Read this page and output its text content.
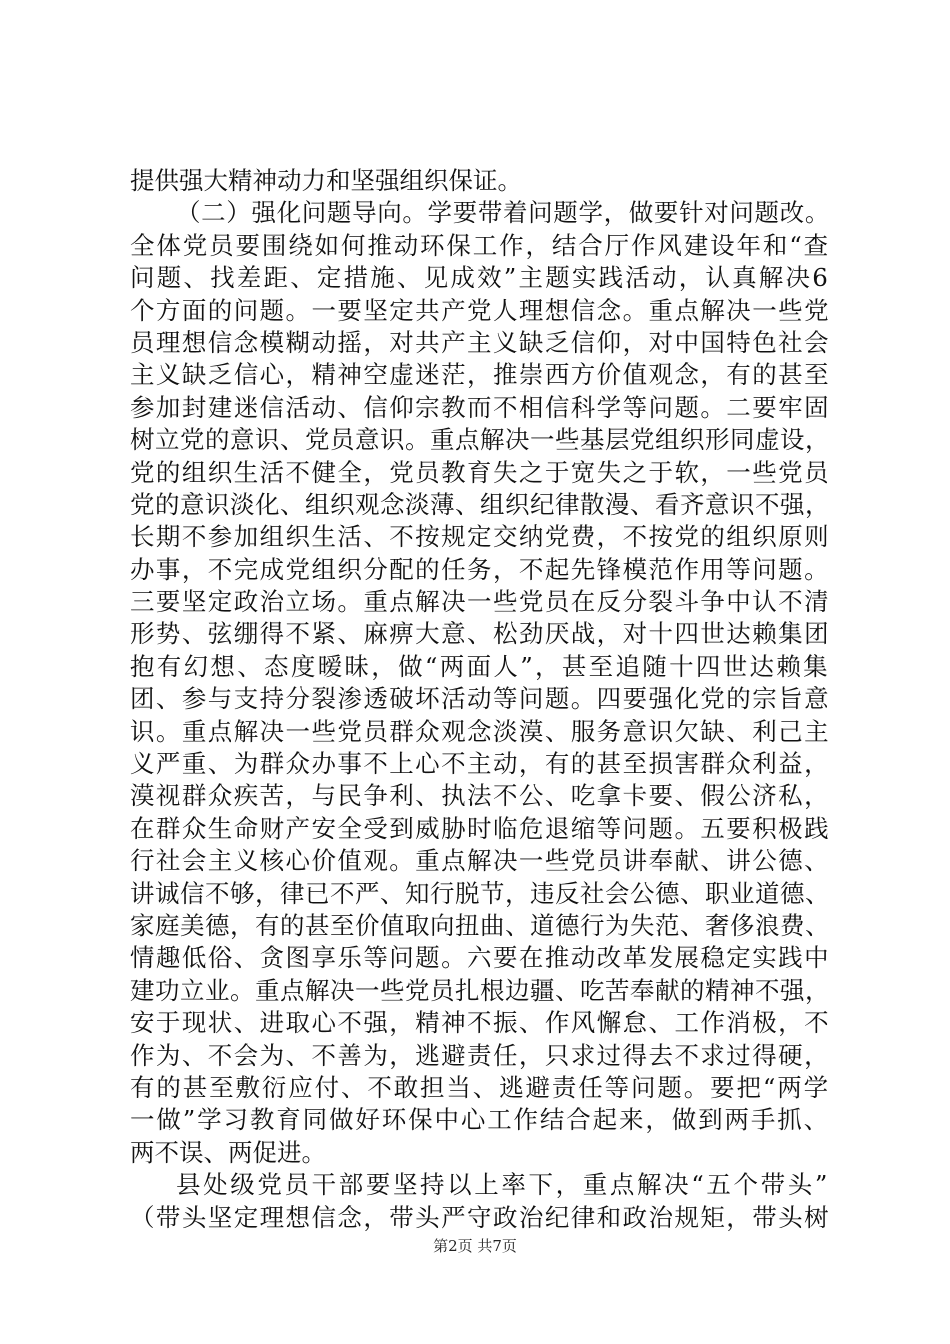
提供强大精神动力和坚强组织保证。
（二）强化问题导向。学要带着问题学，做要针对问题改。
全体党员要围绕如何推动环保工作，结合厅作风建设年和“查
问题、找差距、定措施、见成效”主题实践活动，认真解决6
个方面的问题。一要坚定共产党人理想信念。重点解决一些党
员理想信念模糊动摇，对共产主义缺乏信仰，对中国特色社会
主义缺乏信心，精神空虚迷茫，推崇西方价值观念，有的甚至
参加封建迷信活动、信仰宗教而不相信科学等问题。二要牢固
树立党的意识、党员意识。重点解决一些基层党组织形同虚设，
党的组织生活不健全，党员教育失之于宽失之于软，一些党员
党的意识淡化、组织观念淡薄、组织纪律散漫、看齐意识不强，
长期不参加组织生活、不按规定交纳党费，不按党的组织原则
办事，不完成党组织分配的任务，不起先锋模范作用等问题。
三要坚定政治立场。重点解决一些党员在反分裂斗争中认不清
形势、弦绷得不紧、麻痹大意、松劲厌战，对十四世达赖集团
抱有幻想、态度暧昧，做“两面人”，甚至追随十四世达赖集
团、参与支持分裂渗透破坏活动等问题。四要强化党的宗旨意
识。重点解决一些党员群众观念淡漠、服务意识欠缺、利己主
义严重、为群众办事不上心不主动，有的甚至损害群众利益，
漠视群众疾苦，与民争利、执法不公、吃拿卡要、假公济私，
在群众生命财产安全受到威胁时临危退缩等问题。五要积极践
行社会主义核心价值观。重点解决一些党员讲奉献、讲公德、
讲诚信不够，律已不严、知行脱节，违反社会公德、职业道德、
家庭美德，有的甚至价值取向扭曲、道德行为失范、奢侈浪费、
情趣低俗、贪图享乐等问题。六要在推动改革发展稳定实践中
建功立业。重点解决一些党员扎根边疆、吃苦奉献的精神不强，
安于现状、进取心不强，精神不振、作风懈怠、工作消极，不
作为、不会为、不善为，逃避责任，只求过得去不求过得硬，
有的甚至敷衍应付、不敢担当、逃避责任等问题。要把“两学
一做”学习教育同做好环保中心工作结合起来，做到两手抓、
两不误、两促进。
县处级党员干部要坚持以上率下，重点解决“五个带头”
（带头坚定理想信念，带头严守政治纪律和政治规矩，带头树
第2页 共7页
